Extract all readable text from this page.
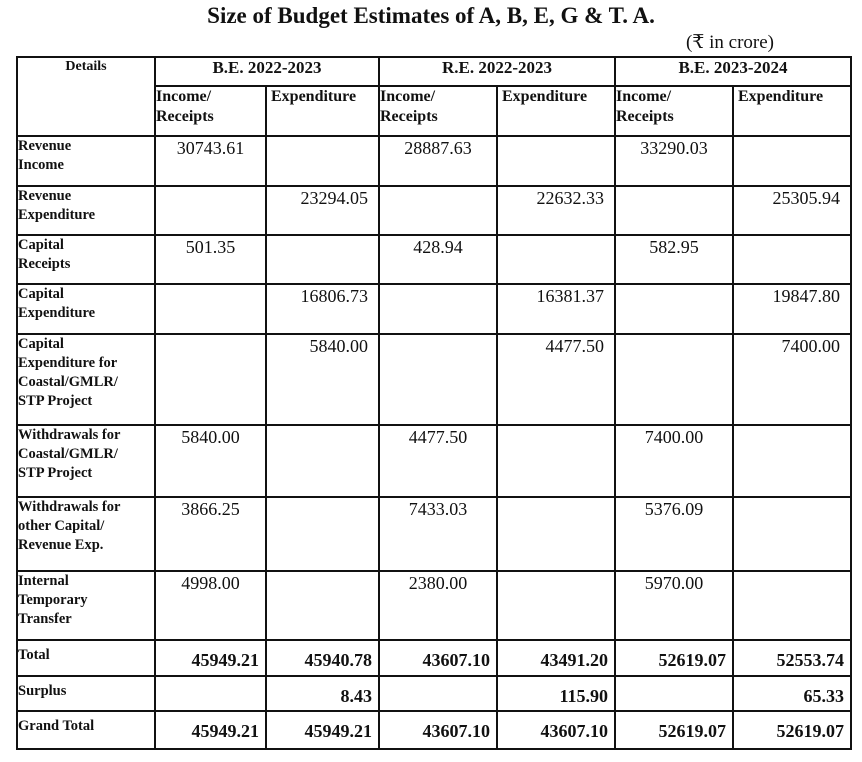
Size of Budget Estimates of A, B, E, G & T. A.
(₹ in crore)
Details	B.E. 2022-2023		R.E. 2022-2023		B.E. 2023-2024	
	Income/
Receipts	Expenditure	Income/
Receipts	Expenditure	Income/
Receipts	Expenditure
Revenue
Income	30743.61		28887.63		33290.03	
Revenue
Expenditure		23294.05		22632.33		25305.94
Capital
Receipts	501.35		428.94		582.95	
Capital
Expenditure		16806.73		16381.37		19847.80
Capital
Expenditure for
Coastal/GMLR/
STP Project		5840.00		4477.50		7400.00
Withdrawals for
Coastal/GMLR/
STP Project	5840.00		4477.50		7400.00	
Withdrawals for
other Capital/
Revenue Exp.	3866.25		7433.03		5376.09	
Internal
Temporary
Transfer	4998.00		2380.00		5970.00	
Total	45949.21	45940.78	43607.10	43491.20	52619.07	52553.74
Surplus		8.43		115.90		65.33
Grand Total	45949.21	45949.21	43607.10	43607.10	52619.07	52619.07
